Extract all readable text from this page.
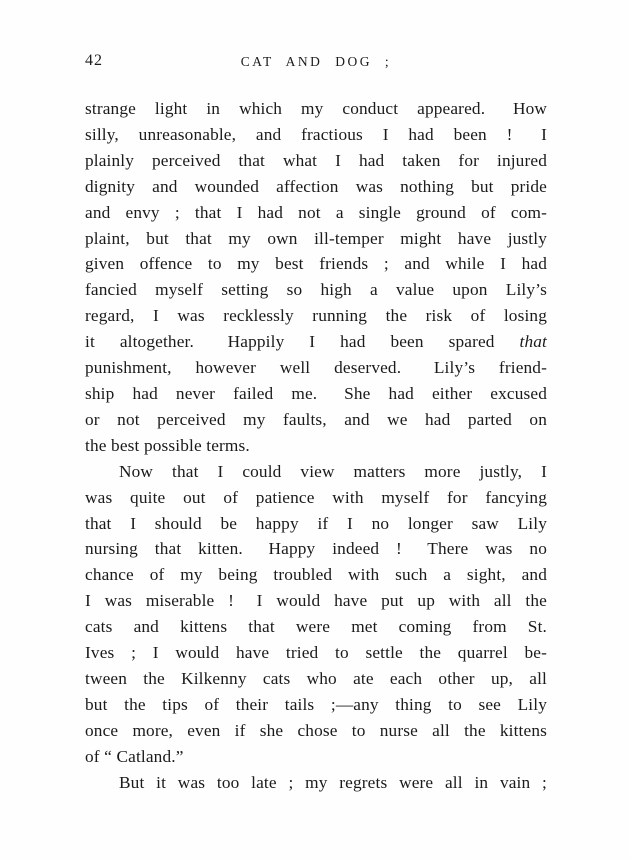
42	CAT AND DOG ;
strange light in which my conduct appeared.  How
silly, unreasonable, and fractious I had been !  I
plainly perceived that what I had taken for injured
dignity and wounded affection was nothing but pride
and envy ; that I had not a single ground of com-
plaint, but that my own ill-temper might have justly
given offence to my best friends ; and while I had
fancied myself setting so high a value upon Lily’s
regard, I was recklessly running the risk of losing
it altogether.  Happily I had been spared that
punishment, however well deserved.  Lily’s friend-
ship had never failed me.  She had either excused
or not perceived my faults, and we had parted on
the best possible terms.
Now that I could view matters more justly, I
was quite out of patience with myself for fancying
that I should be happy if I no longer saw Lily
nursing that kitten.  Happy indeed !  There was no
chance of my being troubled with such a sight, and
I was miserable !  I would have put up with all the
cats and kittens that were met coming from St.
Ives ; I would have tried to settle the quarrel be-
tween the Kilkenny cats who ate each other up, all
but the tips of their tails ;—any thing to see Lily
once more, even if she chose to nurse all the kittens
of “ Catland.”
But it was too late ; my regrets were all in vain ;
